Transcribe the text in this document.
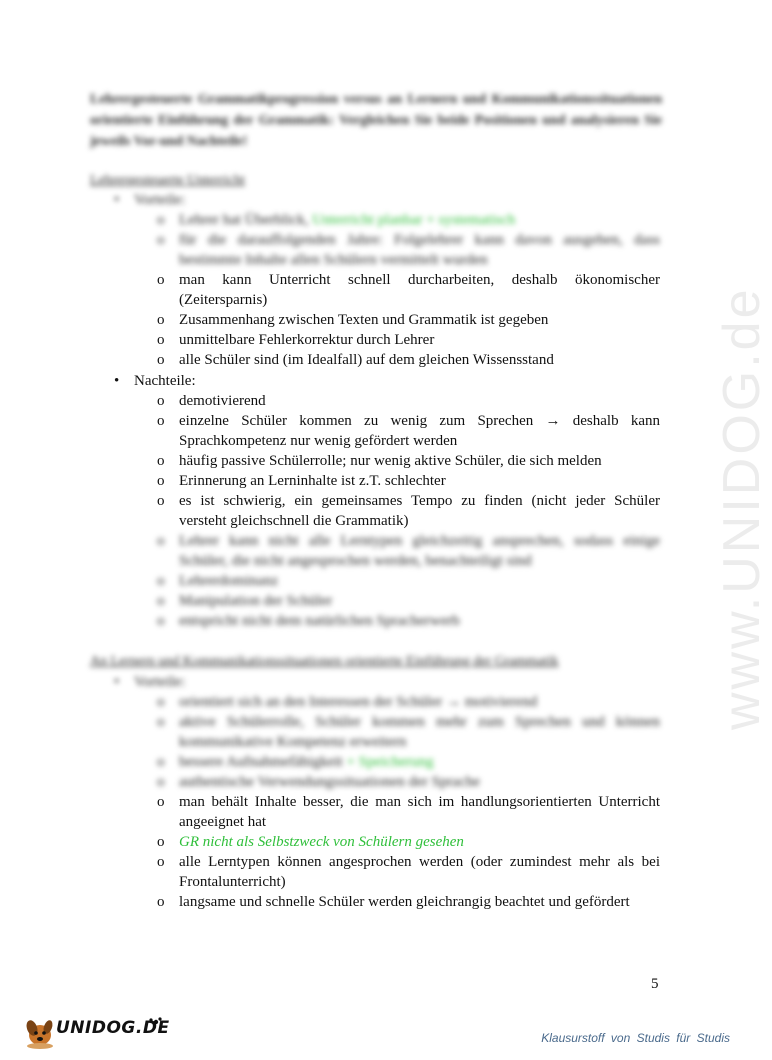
Lehrergesteuerte Grammatikprogression versus an Lernern und Kommunikationssituationen orientierte Einführung der Grammatik: Vergleichen Sie beide Positionen und analysieren Sie jeweils Vor-und Nachteile!
Lehrergesteuerte Unterricht
• Vorteile:
o Lehrer hat Überblick, Unterricht planbar + systematisch
o für die darauffolgenden Jahre: Folgelehrer kann davon ausgehen, dass bestimmte Inhalte allen Schülern vermittelt wurden
o man kann Unterricht schnell durcharbeiten, deshalb ökonomischer (Zeitersparnis)
o Zusammenhang zwischen Texten und Grammatik ist gegeben
o unmittelbare Fehlerkorrektur durch Lehrer
o alle Schüler sind (im Idealfall) auf dem gleichen Wissensstand
• Nachteile:
o demotivierend
o einzelne Schüler kommen zu wenig zum Sprechen → deshalb kann Sprachkompetenz nur wenig gefördert werden
o häufig passive Schülerrolle; nur wenig aktive Schüler, die sich melden
o Erinnerung an Lerninhalte ist z.T. schlechter
o es ist schwierig, ein gemeinsames Tempo zu finden (nicht jeder Schüler versteht gleichschnell die Grammatik)
o Lehrer kann nicht alle Lerntypen gleichzeitig ansprechen, sodass einige Schüler, die nicht angesprochen werden, benachteiligt sind
o Lehrerdominanz
o Manipulation der Schüler
o entspricht nicht dem natürlichen Spracherwerb
An Lernern und Kommunikationssituationen orientierte Einführung der Grammatik
• Vorteile:
o orientiert sich an den Interessen der Schüler → motivierend
o aktive Schülerrolle, Schüler kommen mehr zum Sprechen und können kommunikative Kompetenz erweitern
o bessere Aufnahmefähigkeit + Speicherung
o authentische Verwendungssituationen der Sprache
o man behält Inhalte besser, die man sich im handlungsorientierten Unterricht angeeignet hat
o GR nicht als Selbstzweck von Schülern gesehen
o alle Lerntypen können angesprochen werden (oder zumindest mehr als bei Frontalunterricht)
o langsame und schnelle Schüler werden gleichrangig beachtet und gefördert
5
www.UNIDOG.de
UNIDOG.DE	Klausurstoff von Studis für Studis
